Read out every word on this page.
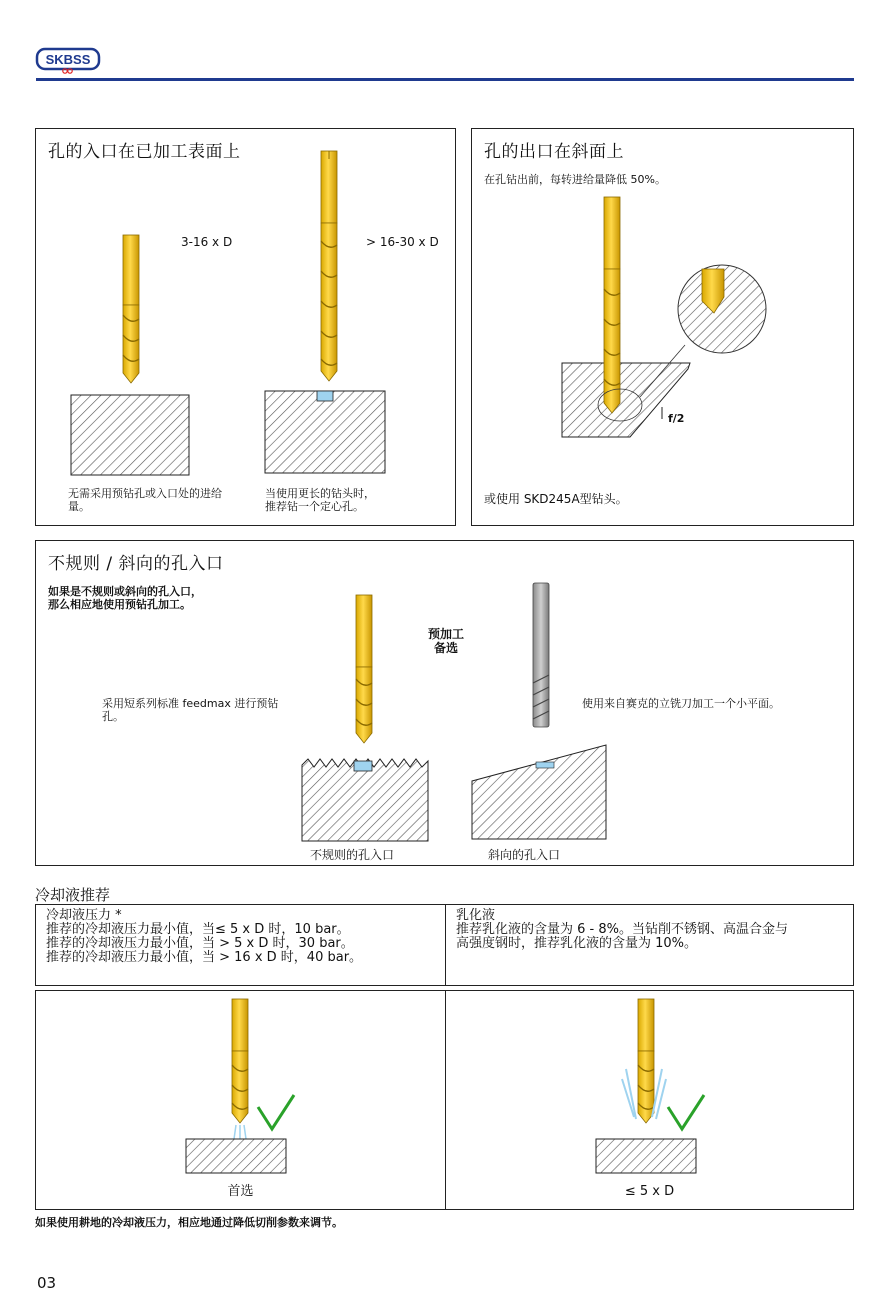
SKBSS
孔的入口在已加工表面上
3-16 x D	> 16-30 x D
无需采用预钻孔或入口处的进给
量。
当使用更长的钻头时，
推荐钻一个定心孔。
孔的出口在斜面上
在孔钻出前，每转进给量降低 50%。
f/2
或使用 SKD245A型钻头。
不规则 / 斜向的孔入口
如果是不规则或斜向的孔入口，
那么相应地使用预钻孔加工。
采用短系列标准 feedmax 进行预钻
孔。
预加工
备选
使用来自赛克的立铣刀加工一个小平面。
不规则的孔入口	斜向的孔入口
冷却液推荐
冷却液压力 *
推荐的冷却液压力最小值，当≤ 5 x D 时，10 bar。
推荐的冷却液压力最小值，当 > 5 x D 时，30 bar。
推荐的冷却液压力最小值，当 > 16 x D 时，40 bar。
乳化液
推荐乳化液的含量为 6 - 8%。当钻削不锈钢、高温合金与
高强度钢时，推荐乳化液的含量为 10%。
首选	≤ 5 x D
如果使用耕地的冷却液压力，相应地通过降低切削参数来调节。
03
